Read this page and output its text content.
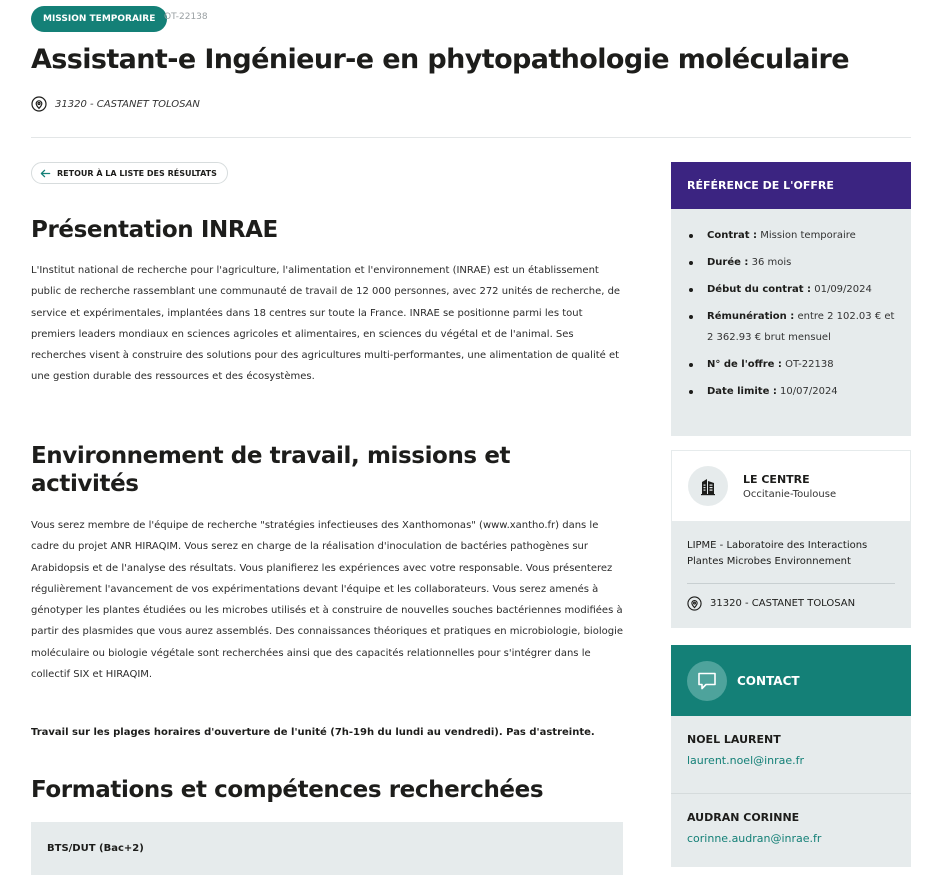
MISSION TEMPORAIRE OT-22138
Assistant-e Ingénieur-e en phytopathologie moléculaire
31320 - CASTANET TOLOSAN
RETOUR À LA LISTE DES RÉSULTATS
Présentation INRAE

L'Institut national de recherche pour l'agriculture, l'alimentation et l'environnement (INRAE) est un établissement public de recherche rassemblant une communauté de travail de 12 000 personnes, avec 272 unités de recherche, de service et expérimentales, implantées dans 18 centres sur toute la France. INRAE se positionne parmi les tout premiers leaders mondiaux en sciences agricoles et alimentaires, en sciences du végétal et de l'animal. Ses recherches visent à construire des solutions pour des agricultures multi-performantes, une alimentation de qualité et une gestion durable des ressources et des écosystèmes.

Environnement de travail, missions et activités

Vous serez membre de l'équipe de recherche "stratégies infectieuses des Xanthomonas" (www.xantho.fr) dans le cadre du projet ANR HIRAQIM. Vous serez en charge de la réalisation d'inoculation de bactéries pathogènes sur Arabidopsis et de l'analyse des résultats. Vous planifierez les expériences avec votre responsable. Vous présenterez régulièrement l'avancement de vos expérimentations devant l'équipe et les collaborateurs. Vous serez amenés à génotyper les plantes étudiées ou les microbes utilisés et à construire de nouvelles souches bactériennes modifiées à partir des plasmides que vous aurez assemblés. Des connaissances théoriques et pratiques en microbiologie, biologie moléculaire ou biologie végétale sont recherchées ainsi que des capacités relationnelles pour s'intégrer dans le collectif SIX et HIRAQIM.

Travail sur les plages horaires d'ouverture de l'unité (7h-19h du lundi au vendredi). Pas d'astreinte.

Formations et compétences recherchées
BTS/DUT (Bac+2)
RÉFÉRENCE DE L'OFFRE
Contrat : Mission temporaire
Durée : 36 mois
Début du contrat : 01/09/2024
Rémunération : entre 2 102.03 € et 2 362.93 € brut mensuel
N° de l'offre : OT-22138
Date limite : 10/07/2024
LE CENTRE
Occitanie-Toulouse
LIPME - Laboratoire des Interactions Plantes Microbes Environnement
31320 - CASTANET TOLOSAN
CONTACT
NOEL LAURENT
laurent.noel@inrae.fr
AUDRAN CORINNE
corinne.audran@inrae.fr
